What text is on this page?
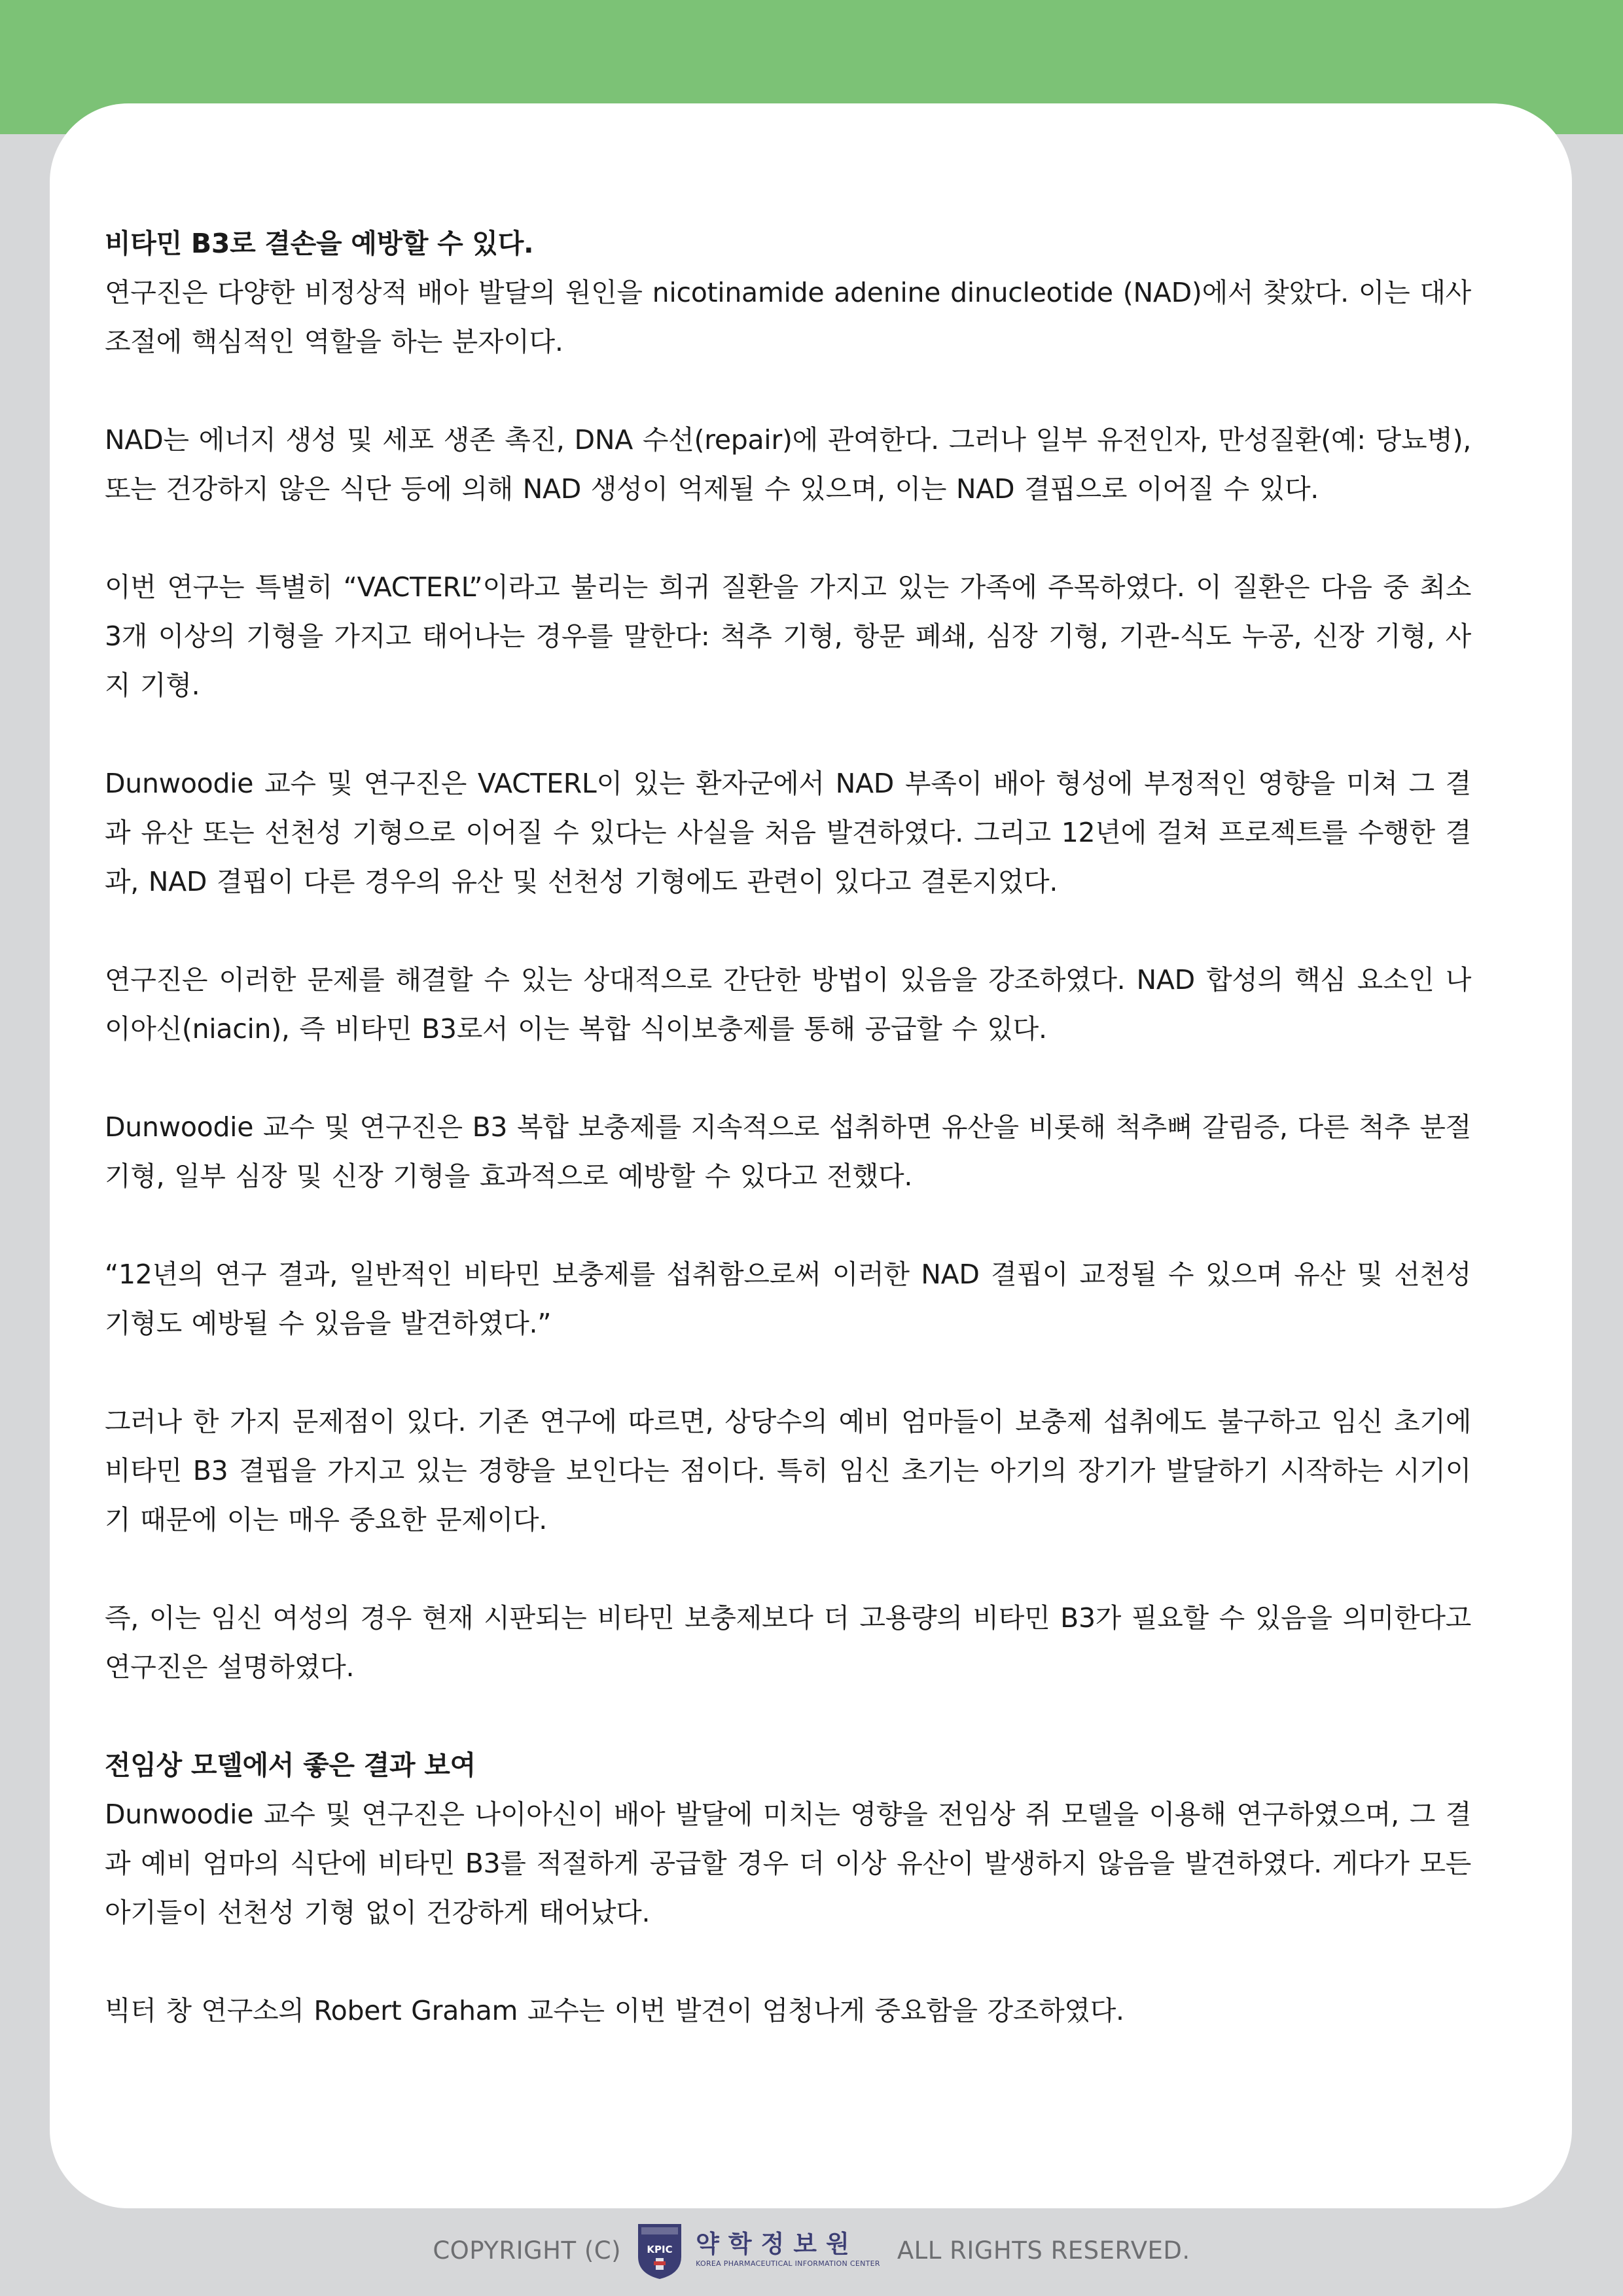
비타민 B3로 결손을 예방할 수 있다.

연구진은 다양한 비정상적 배아 발달의 원인을 nicotinamide adenine dinucleotide (NAD)에서 찾았다. 이는 대사 조절에 핵심적인 역할을 하는 분자이다.

NAD는 에너지 생성 및 세포 생존 촉진, DNA 수선(repair)에 관여한다. 그러나 일부 유전인자, 만성질환(예: 당뇨병), 또는 건강하지 않은 식단 등에 의해 NAD 생성이 억제될 수 있으며, 이는 NAD 결핍으로 이어질 수 있다.

이번 연구는 특별히 “VACTERL”이라고 불리는 희귀 질환을 가지고 있는 가족에 주목하였다. 이 질환은 다음 중 최소 3개 이상의 기형을 가지고 태어나는 경우를 말한다: 척추 기형, 항문 폐쇄, 심장 기형, 기관-식도 누공, 신장 기형, 사지 기형.

Dunwoodie 교수 및 연구진은 VACTERL이 있는 환자군에서 NAD 부족이 배아 형성에 부정적인 영향을 미쳐 그 결과 유산 또는 선천성 기형으로 이어질 수 있다는 사실을 처음 발견하였다. 그리고 12년에 걸쳐 프로젝트를 수행한 결과, NAD 결핍이 다른 경우의 유산 및 선천성 기형에도 관련이 있다고 결론지었다.

연구진은 이러한 문제를 해결할 수 있는 상대적으로 간단한 방법이 있음을 강조하였다. NAD 합성의 핵심 요소인 나이아신(niacin), 즉 비타민 B3로서 이는 복합 식이보충제를 통해 공급할 수 있다.

Dunwoodie 교수 및 연구진은 B3 복합 보충제를 지속적으로 섭취하면 유산을 비롯해 척추뼈 갈림증, 다른 척추 분절 기형, 일부 심장 및 신장 기형을 효과적으로 예방할 수 있다고 전했다.

“12년의 연구 결과, 일반적인 비타민 보충제를 섭취함으로써 이러한 NAD 결핍이 교정될 수 있으며 유산 및 선천성 기형도 예방될 수 있음을 발견하였다.”

그러나 한 가지 문제점이 있다. 기존 연구에 따르면, 상당수의 예비 엄마들이 보충제 섭취에도 불구하고 임신 초기에 비타민 B3 결핍을 가지고 있는 경향을 보인다는 점이다. 특히 임신 초기는 아기의 장기가 발달하기 시작하는 시기이기 때문에 이는 매우 중요한 문제이다.

즉, 이는 임신 여성의 경우 현재 시판되는 비타민 보충제보다 더 고용량의 비타민 B3가 필요할 수 있음을 의미한다고 연구진은 설명하였다.

전임상 모델에서 좋은 결과 보여

Dunwoodie 교수 및 연구진은 나이아신이 배아 발달에 미치는 영향을 전임상 쥐 모델을 이용해 연구하였으며, 그 결과 예비 엄마의 식단에 비타민 B3를 적절하게 공급할 경우 더 이상 유산이 발생하지 않음을 발견하였다. 게다가 모든 아기들이 선천성 기형 없이 건강하게 태어났다.

빅터 창 연구소의 Robert Graham 교수는 이번 발견이 엄청나게 중요함을 강조하였다.

COPYRIGHT (C)	KPIC 약학정보원
KOREA PHARMACEUTICAL INFORMATION CENTER ALL RIGHTS RESERVED.
